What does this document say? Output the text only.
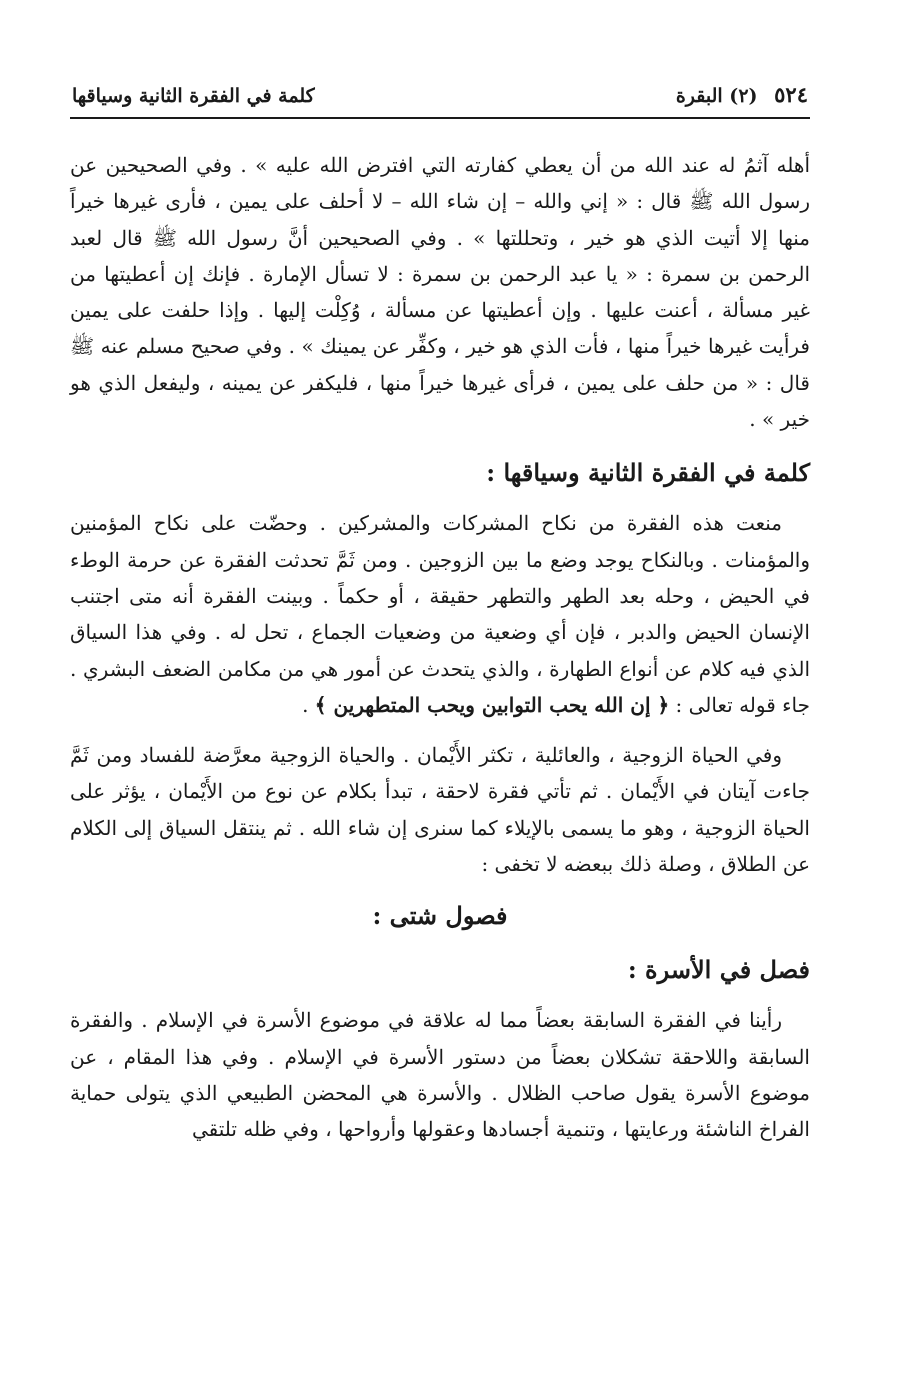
٥٢٤ (٢) البقرة
كلمة في الفقرة الثانية وسياقها

أهله آثمُ له عند الله من أن يعطي كفارته التي افترض الله عليه » . وفي الصحيحين عن رسول الله ﷺ قال : « إني والله – إن شاء الله – لا أحلف على يمين ، فأرى غيرها خيراً منها إلا أتيت الذي هو خير ، وتحللتها » . وفي الصحيحين أنَّ رسول الله ﷺ قال لعبد الرحمن بن سمرة : « يا عبد الرحمن بن سمرة : لا تسأل الإمارة . فإنك إن أعطيتها من غير مسألة ، أعنت عليها . وإن أعطيتها عن مسألة ، وُكِلْت إليها . وإذا حلفت على يمين فرأيت غيرها خيراً منها ، فأت الذي هو خير ، وكفِّر عن يمينك » . وفي صحيح مسلم عنه ﷺ قال : « من حلف على يمين ، فرأى غيرها خيراً منها ، فليكفر عن يمينه ، وليفعل الذي هو خير » .

كلمة في الفقرة الثانية وسياقها :

منعت هذه الفقرة من نكاح المشركات والمشركين . وحضّت على نكاح المؤمنين والمؤمنات . وبالنكاح يوجد وضع ما بين الزوجين . ومن ثَمَّ تحدثت الفقرة عن حرمة الوطء في الحيض ، وحله بعد الطهر والتطهر حقيقة ، أو حكماً . وبينت الفقرة أنه متى اجتنب الإنسان الحيض والدبر ، فإن أي وضعية من وضعيات الجماع ، تحل له . وفي هذا السياق الذي فيه كلام عن أنواع الطهارة ، والذي يتحدث عن أمور هي من مكامن الضعف البشري . جاء قوله تعالى : ﴿ إن الله يحب التوابين ويحب المتطهرين ﴾ .

وفي الحياة الزوجية ، والعائلية ، تكثر الأَيْمان . والحياة الزوجية معرَّضة للفساد ومن ثَمَّ جاءت آيتان في الأَيْمان . ثم تأتي فقرة لاحقة ، تبدأ بكلام عن نوع من الأَيْمان ، يؤثر على الحياة الزوجية ، وهو ما يسمى بالإيلاء كما سنرى إن شاء الله . ثم ينتقل السياق إلى الكلام عن الطلاق ، وصلة ذلك ببعضه لا تخفى :

فصول شتى :
فصل في الأسرة :

رأينا في الفقرة السابقة بعضاً مما له علاقة في موضوع الأسرة في الإسلام . والفقرة السابقة واللاحقة تشكلان بعضاً من دستور الأسرة في الإسلام . وفي هذا المقام ، عن موضوع الأسرة يقول صاحب الظلال . والأسرة هي المحضن الطبيعي الذي يتولى حماية الفراخ الناشئة ورعايتها ، وتنمية أجسادها وعقولها وأرواحها ، وفي ظله تلتقي
